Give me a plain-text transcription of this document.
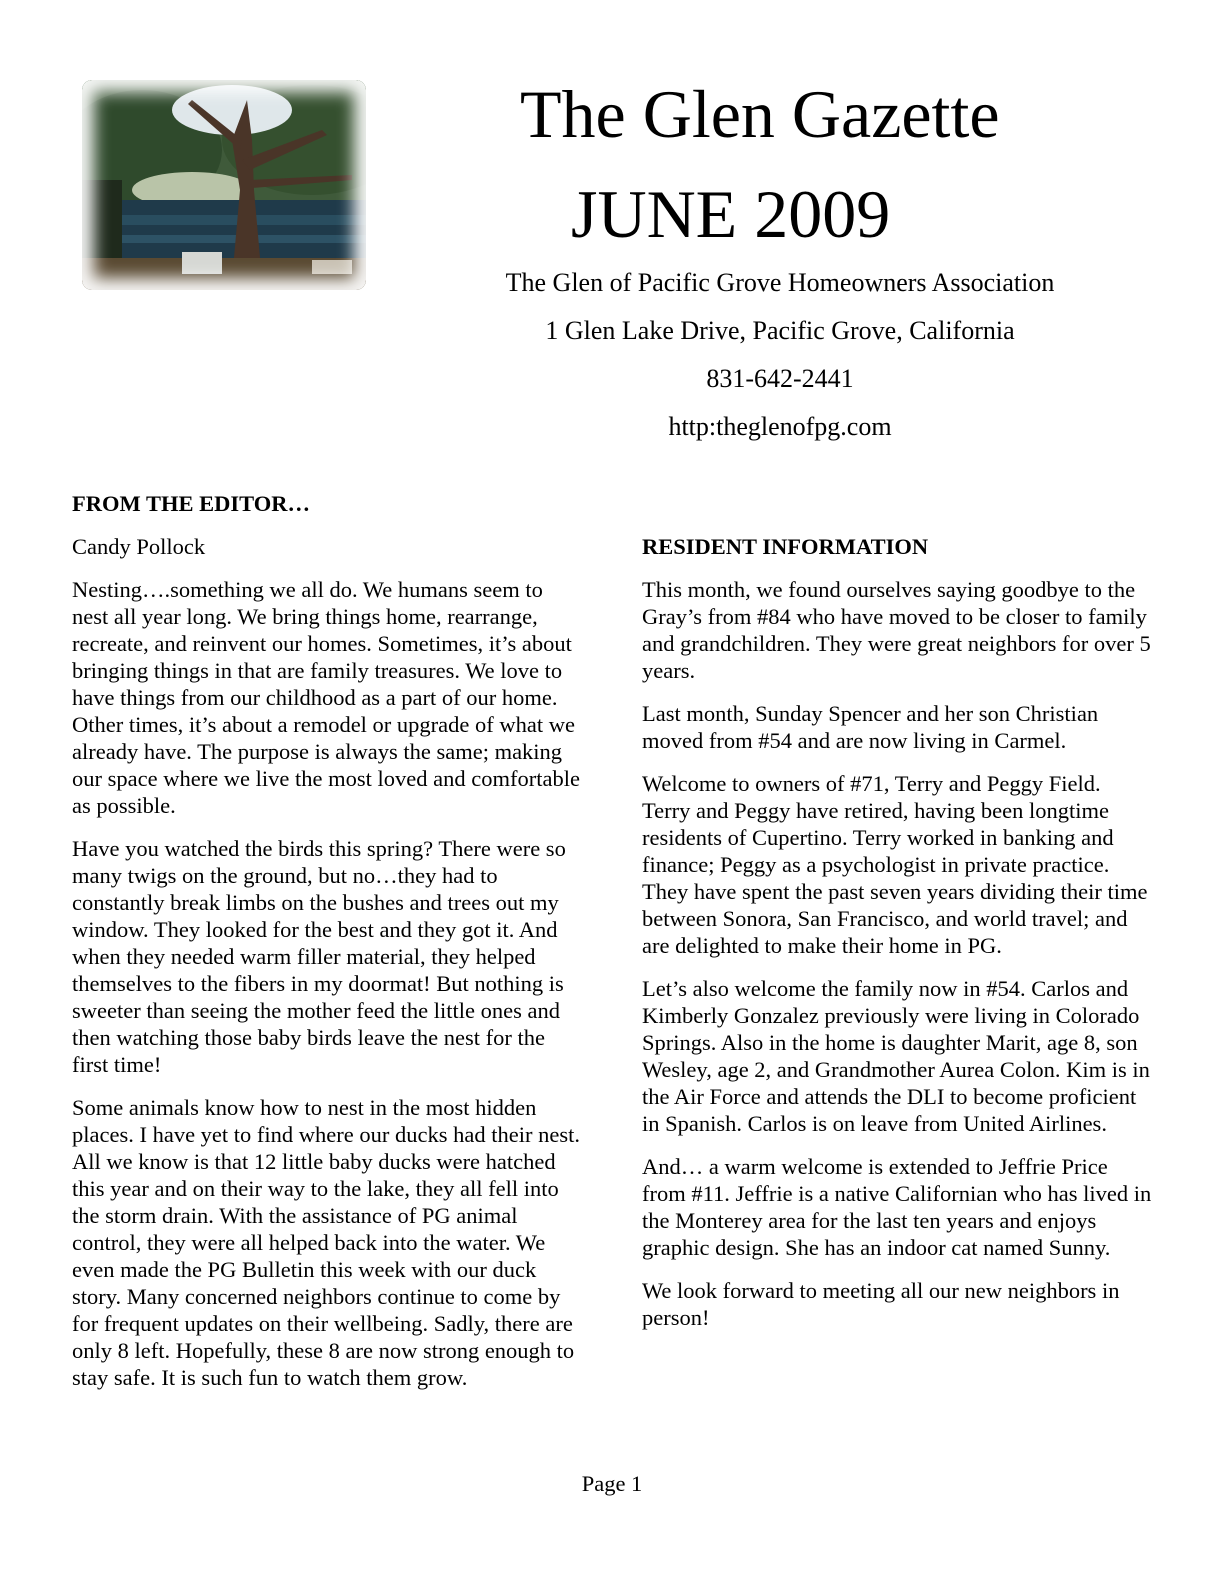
The Glen Gazette
JUNE 2009
The Glen of Pacific Grove Homeowners Association
1 Glen Lake Drive, Pacific Grove, California
831-642-2441
http:theglenofpg.com
FROM THE EDITOR…
Candy Pollock

Nesting….something we all do. We humans seem to nest all year long. We bring things home, rearrange, recreate, and reinvent our homes. Sometimes, it’s about bringing things in that are family treasures. We love to have things from our childhood as a part of our home. Other times, it’s about a remodel or upgrade of what we already have. The purpose is always the same; making our space where we live the most loved and comfortable as possible.

Have you watched the birds this spring? There were so many twigs on the ground, but no…they had to constantly break limbs on the bushes and trees out my window. They looked for the best and they got it. And when they needed warm filler material, they helped themselves to the fibers in my doormat! But nothing is sweeter than seeing the mother feed the little ones and then watching those baby birds leave the nest for the first time!

Some animals know how to nest in the most hidden places. I have yet to find where our ducks had their nest. All we know is that 12 little baby ducks were hatched this year and on their way to the lake, they all fell into the storm drain. With the assistance of PG animal control, they were all helped back into the water. We even made the PG Bulletin this week with our duck story. Many concerned neighbors continue to come by for frequent updates on their wellbeing. Sadly, there are only 8 left. Hopefully, these 8 are now strong enough to stay safe. It is such fun to watch them grow.

RESIDENT INFORMATION

This month, we found ourselves saying goodbye to the Gray’s from #84 who have moved to be closer to family and grandchildren. They were great neighbors for over 5 years.

Last month, Sunday Spencer and her son Christian moved from #54 and are now living in Carmel.

Welcome to owners of #71, Terry and Peggy Field. Terry and Peggy have retired, having been longtime residents of Cupertino. Terry worked in banking and finance; Peggy as a psychologist in private practice. They have spent the past seven years dividing their time between Sonora, San Francisco, and world travel; and are delighted to make their home in PG.

Let’s also welcome the family now in #54. Carlos and Kimberly Gonzalez previously were living in Colorado Springs. Also in the home is daughter Marit, age 8, son Wesley, age 2, and Grandmother Aurea Colon. Kim is in the Air Force and attends the DLI to become proficient in Spanish. Carlos is on leave from United Airlines.

And… a warm welcome is extended to Jeffrie Price from #11. Jeffrie is a native Californian who has lived in the Monterey area for the last ten years and enjoys graphic design. She has an indoor cat named Sunny.

We look forward to meeting all our new neighbors in person!

Page 1
